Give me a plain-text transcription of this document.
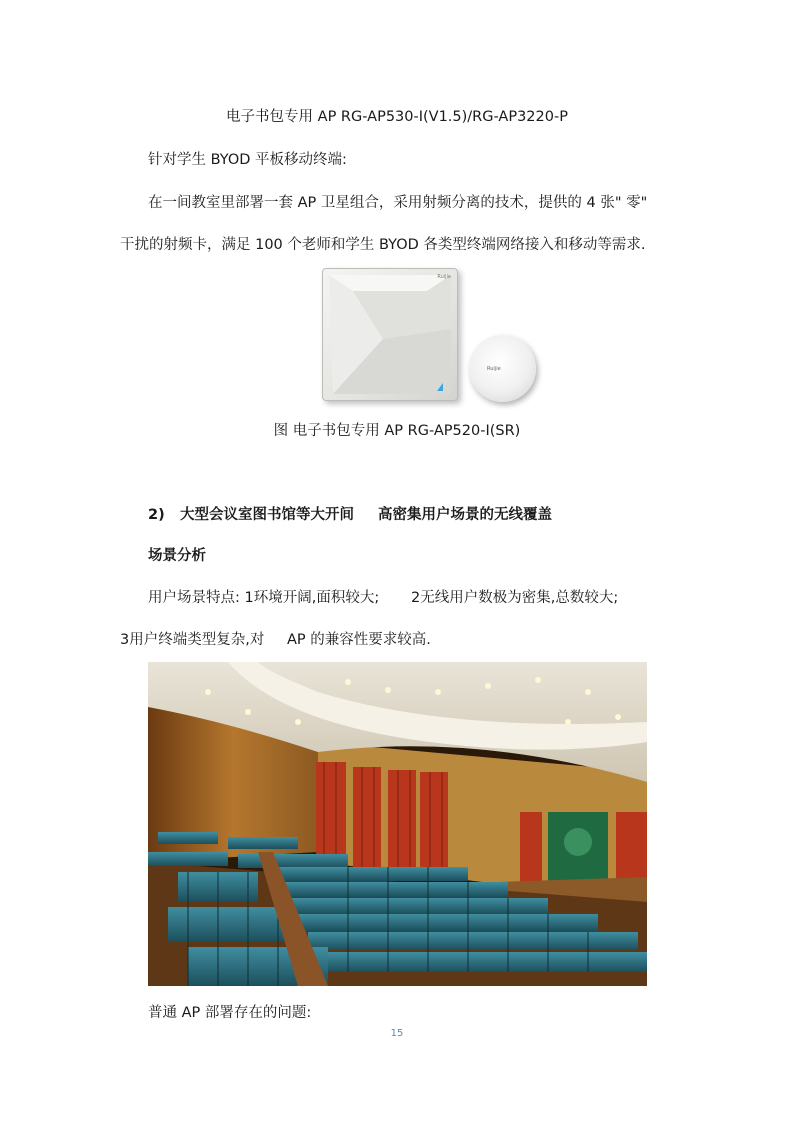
电子书包专用 AP RG-AP530-I(V1.5)/RG-AP3220-P
针对学生 BYOD 平板移动终端:
在一间教室里部署一套 AP 卫星组合，采用射频分离的技术，提供的 4 张" 零"
干扰的射频卡，满足 100 个老师和学生 BYOD 各类型终端网络接入和移动等需求.
Ruijie
Ruijie
图 电子书包专用 AP RG-AP520-I(SR)
2) 大型会议室图书馆等大开间 高密集用户场景的无线覆盖
场景分析
用户场景特点: 1环境开阔,面积较大; 2无线用户数极为密集,总数较大;
3用户终端类型复杂,对 AP 的兼容性要求较高.
普通 AP 部署存在的问题:
15
